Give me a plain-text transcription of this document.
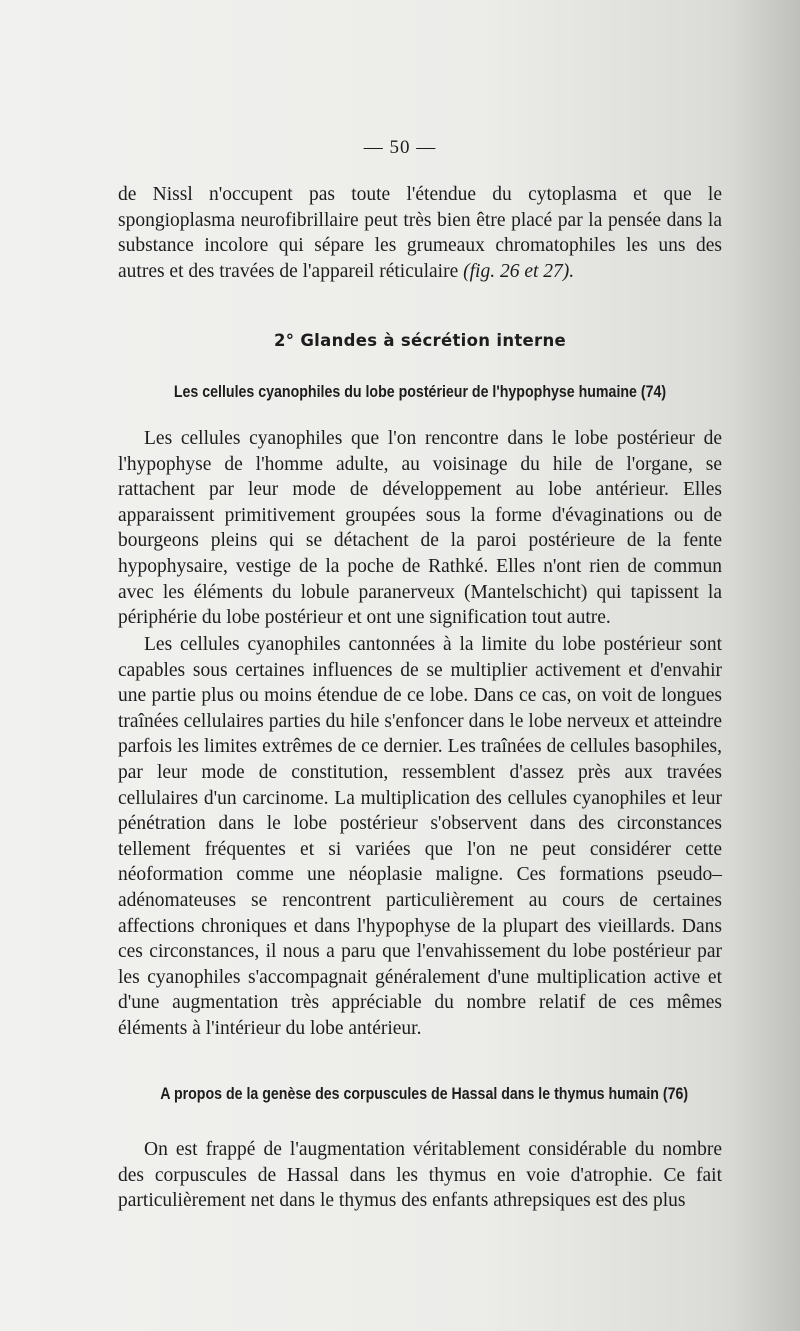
— 50 —

de Nissl n'occupent pas toute l'étendue du cytoplasma et que le spongioplasma neurofibrillaire peut très bien être placé par la pensée dans la substance incolore qui sépare les grumeaux chromatophiles les uns des autres et des travées de l'appareil réticulaire (fig. 26 et 27).

2° Glandes à sécrétion interne
Les cellules cyanophiles du lobe postérieur de l'hypophyse humaine (74)

Les cellules cyanophiles que l'on rencontre dans le lobe postérieur de l'hypophyse de l'homme adulte, au voisinage du hile de l'organe, se rattachent par leur mode de développement au lobe antérieur. Elles apparaissent primitivement groupées sous la forme d'évaginations ou de bourgeons pleins qui se détachent de la paroi postérieure de la fente hypophysaire, vestige de la poche de Rathké. Elles n'ont rien de commun avec les éléments du lobule paranerveux (Mantelschicht) qui tapissent la périphérie du lobe postérieur et ont une signification tout autre.

Les cellules cyanophiles cantonnées à la limite du lobe postérieur sont capables sous certaines influences de se multiplier activement et d'envahir une partie plus ou moins étendue de ce lobe. Dans ce cas, on voit de longues traînées cellulaires parties du hile s'enfoncer dans le lobe nerveux et atteindre parfois les limites extrêmes de ce dernier. Les traînées de cellules basophiles, par leur mode de constitution, ressemblent d'assez près aux travées cellulaires d'un carcinome. La multiplication des cellules cyanophiles et leur pénétration dans le lobe postérieur s'observent dans des circonstances tellement fréquentes et si variées que l'on ne peut considérer cette néoformation comme une néoplasie maligne. Ces formations pseudo–adénomateuses se rencontrent particulièrement au cours de certaines affections chroniques et dans l'hypophyse de la plupart des vieillards. Dans ces circonstances, il nous a paru que l'envahissement du lobe postérieur par les cyanophiles s'accompagnait généralement d'une multiplication active et d'une augmentation très appréciable du nombre relatif de ces mêmes éléments à l'intérieur du lobe antérieur.

A propos de la genèse des corpuscules de Hassal dans le thymus humain (76)

On est frappé de l'augmentation véritablement considérable du nombre des corpuscules de Hassal dans les thymus en voie d'atrophie. Ce fait particulièrement net dans le thymus des enfants athrepsiques est des plus
